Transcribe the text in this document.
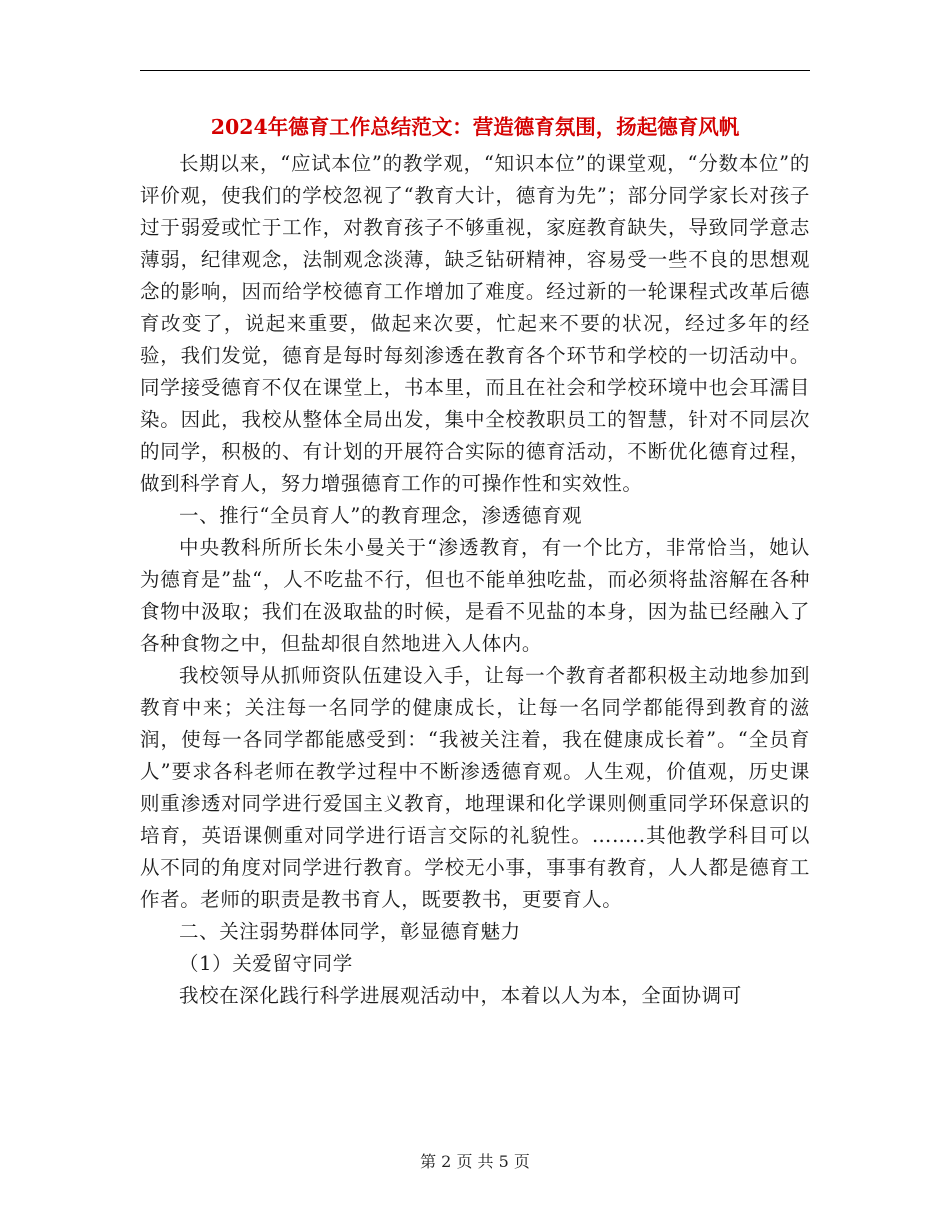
2024年德育工作总结范文：营造德育氛围，扬起德育风帆

长期以来，“应试本位”的教学观，“知识本位”的课堂观，“分数本位”的评价观，使我们的学校忽视了“教育大计，德育为先”；部分同学家长对孩子过于弱爱或忙于工作，对教育孩子不够重视，家庭教育缺失，导致同学意志薄弱，纪律观念，法制观念淡薄，缺乏钻研精神，容易受一些不良的思想观念的影响，因而给学校德育工作增加了难度。经过新的一轮课程式改革后德育改变了，说起来重要，做起来次要，忙起来不要的状况，经过多年的经验，我们发觉，德育是每时每刻渗透在教育各个环节和学校的一切活动中。同学接受德育不仅在课堂上，书本里，而且在社会和学校环境中也会耳濡目染。因此，我校从整体全局出发，集中全校教职员工的智慧，针对不同层次的同学，积极的、有计划的开展符合实际的德育活动，不断优化德育过程，做到科学育人，努力增强德育工作的可操作性和实效性。

一、推行“全员育人”的教育理念，渗透德育观

中央教科所所长朱小曼关于“渗透教育，有一个比方，非常恰当，她认为德育是”盐“，人不吃盐不行，但也不能单独吃盐，而必须将盐溶解在各种食物中汲取；我们在汲取盐的时候，是看不见盐的本身，因为盐已经融入了各种食物之中，但盐却很自然地进入人体内。

我校领导从抓师资队伍建设入手，让每一个教育者都积极主动地参加到教育中来；关注每一名同学的健康成长，让每一名同学都能得到教育的滋润，使每一各同学都能感受到：“我被关注着，我在健康成长着”。“全员育人”要求各科老师在教学过程中不断渗透德育观。人生观，价值观，历史课则重渗透对同学进行爱国主义教育，地理课和化学课则侧重同学环保意识的培育，英语课侧重对同学进行语言交际的礼貌性。……..其他教学科目可以从不同的角度对同学进行教育。学校无小事，事事有教育，人人都是德育工作者。老师的职责是教书育人，既要教书，更要育人。

二、关注弱势群体同学，彰显德育魅力

（1）关爱留守同学

我校在深化践行科学进展观活动中，本着以人为本，全面协调可

第 2 页 共 5 页
